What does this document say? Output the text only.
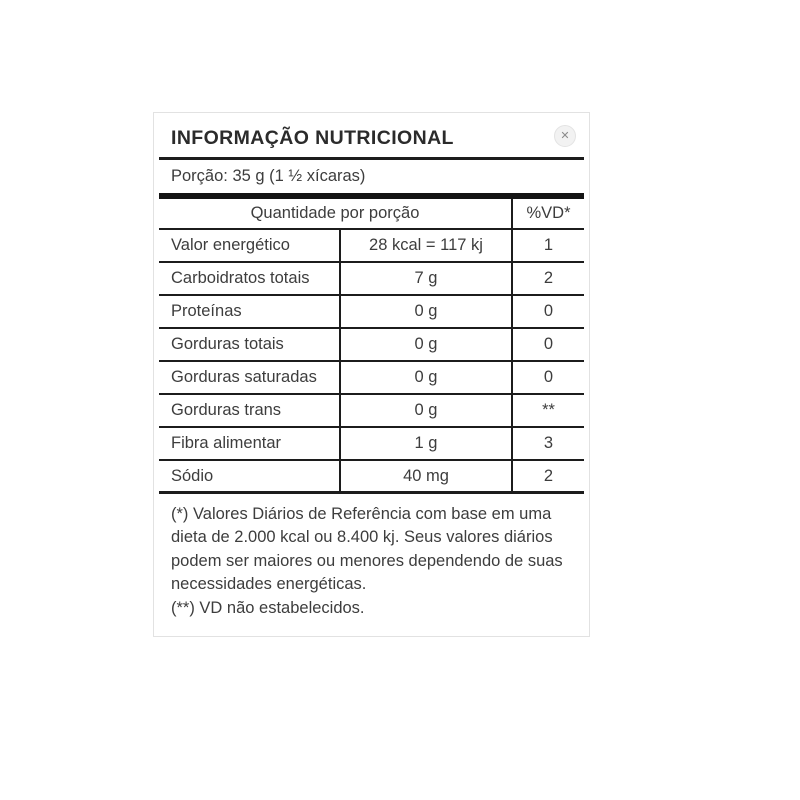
INFORMAÇÃO NUTRICIONAL	✕
Porção: 35 g (1 ½ xícaras)
Quantidade por porção	%VD*
Valor energético	28 kcal = 117 kj	1
Carboidratos totais	7 g	2
Proteínas	0 g	0
Gorduras totais	0 g	0
Gorduras saturadas	0 g	0
Gorduras trans	0 g	**
Fibra alimentar	1 g	3
Sódio	40 mg	2
(*) Valores Diários de Referência com base em uma dieta de 2.000 kcal ou 8.400 kj. Seus valores diários podem ser maiores ou menores dependendo de suas necessidades energéticas.
(**) VD não estabelecidos.
